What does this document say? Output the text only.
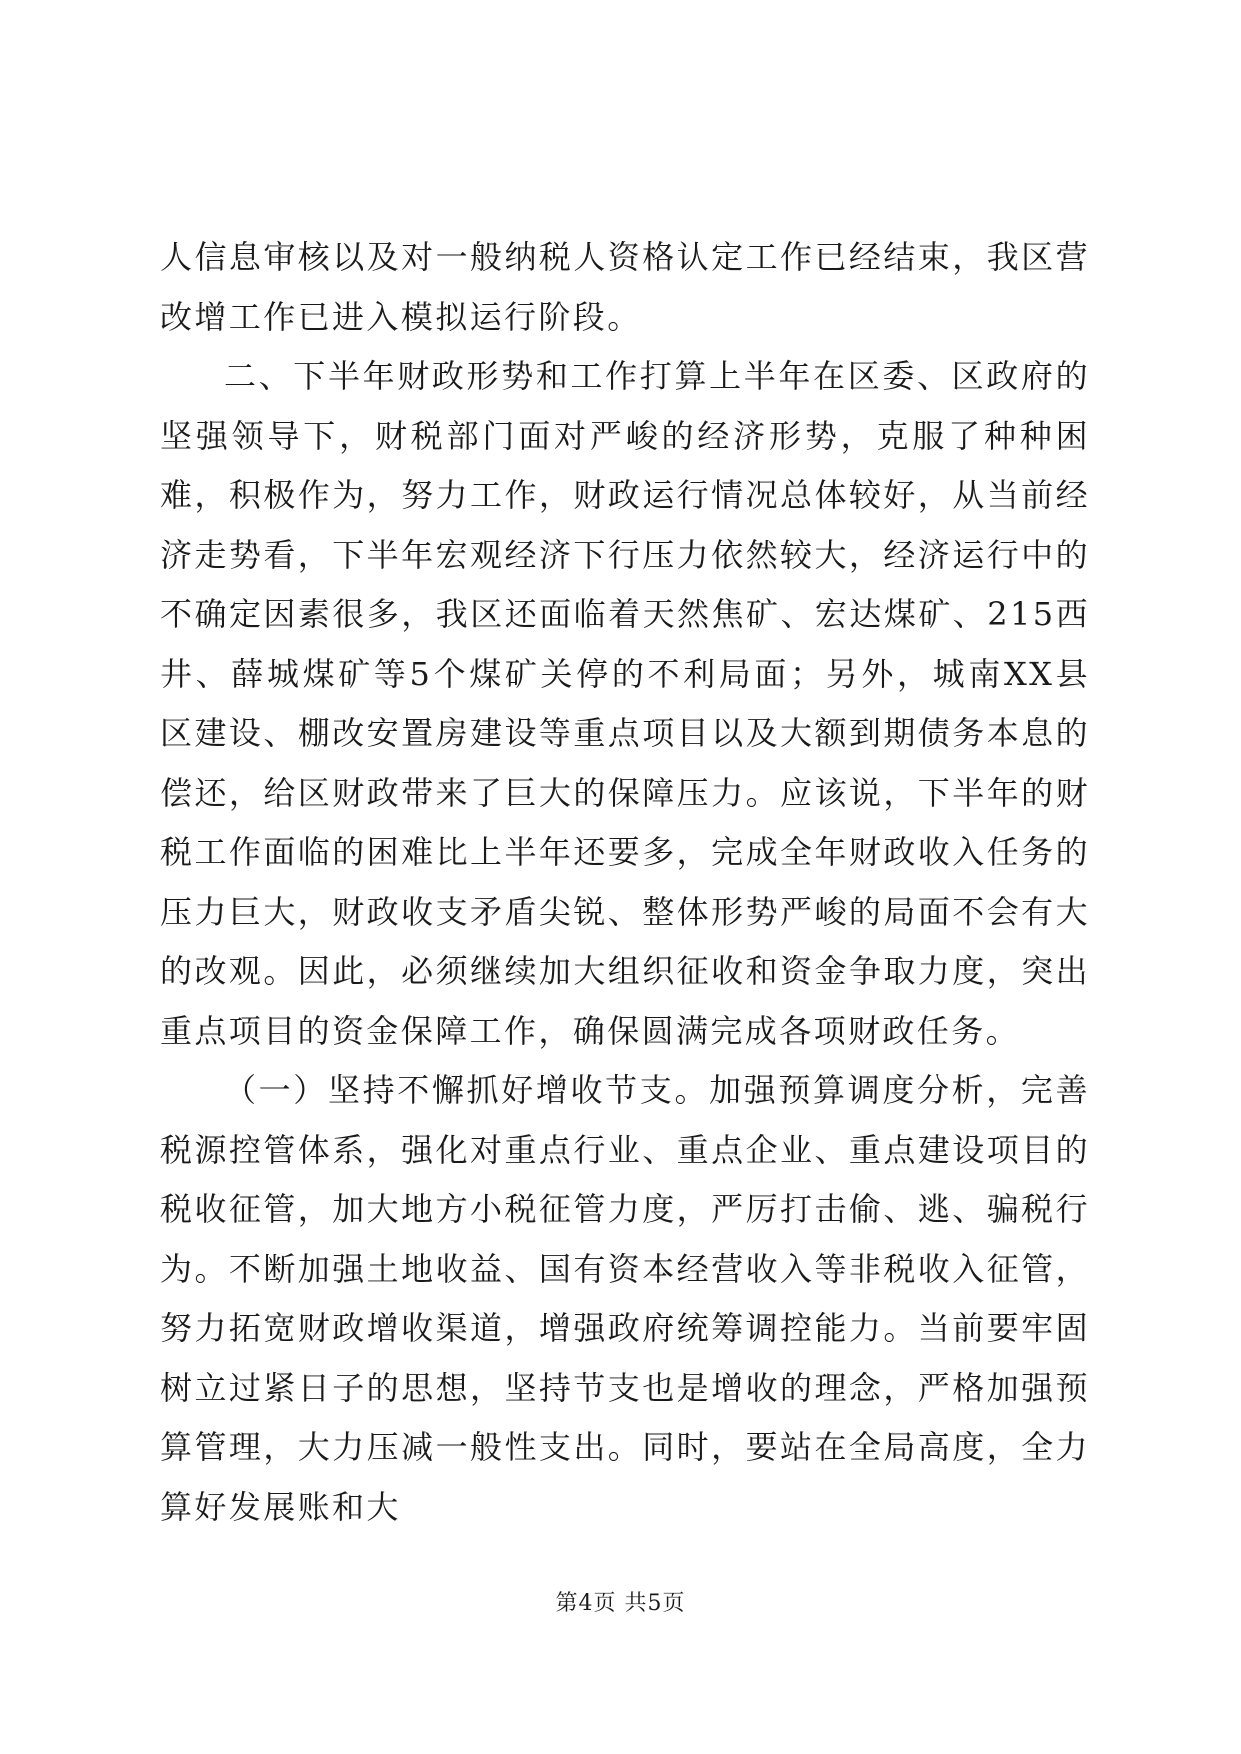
人信息审核以及对一般纳税人资格认定工作已经结束，我区营改增工作已进入模拟运行阶段。

二、下半年财政形势和工作打算上半年在区委、区政府的坚强领导下，财税部门面对严峻的经济形势，克服了种种困难，积极作为，努力工作，财政运行情况总体较好，从当前经济走势看，下半年宏观经济下行压力依然较大，经济运行中的不确定因素很多，我区还面临着天然焦矿、宏达煤矿、215西井、薛城煤矿等5个煤矿关停的不利局面；另外，城南XX县区建设、棚改安置房建设等重点项目以及大额到期债务本息的偿还，给区财政带来了巨大的保障压力。应该说，下半年的财税工作面临的困难比上半年还要多，完成全年财政收入任务的压力巨大，财政收支矛盾尖锐、整体形势严峻的局面不会有大的改观。因此，必须继续加大组织征收和资金争取力度，突出重点项目的资金保障工作，确保圆满完成各项财政任务。

（一）坚持不懈抓好增收节支。加强预算调度分析，完善税源控管体系，强化对重点行业、重点企业、重点建设项目的税收征管，加大地方小税征管力度，严厉打击偷、逃、骗税行为。不断加强土地收益、国有资本经营收入等非税收入征管，努力拓宽财政增收渠道，增强政府统筹调控能力。当前要牢固树立过紧日子的思想，坚持节支也是增收的理念，严格加强预算管理，大力压减一般性支出。同时，要站在全局高度，全力算好发展账和大

第4页 共5页
